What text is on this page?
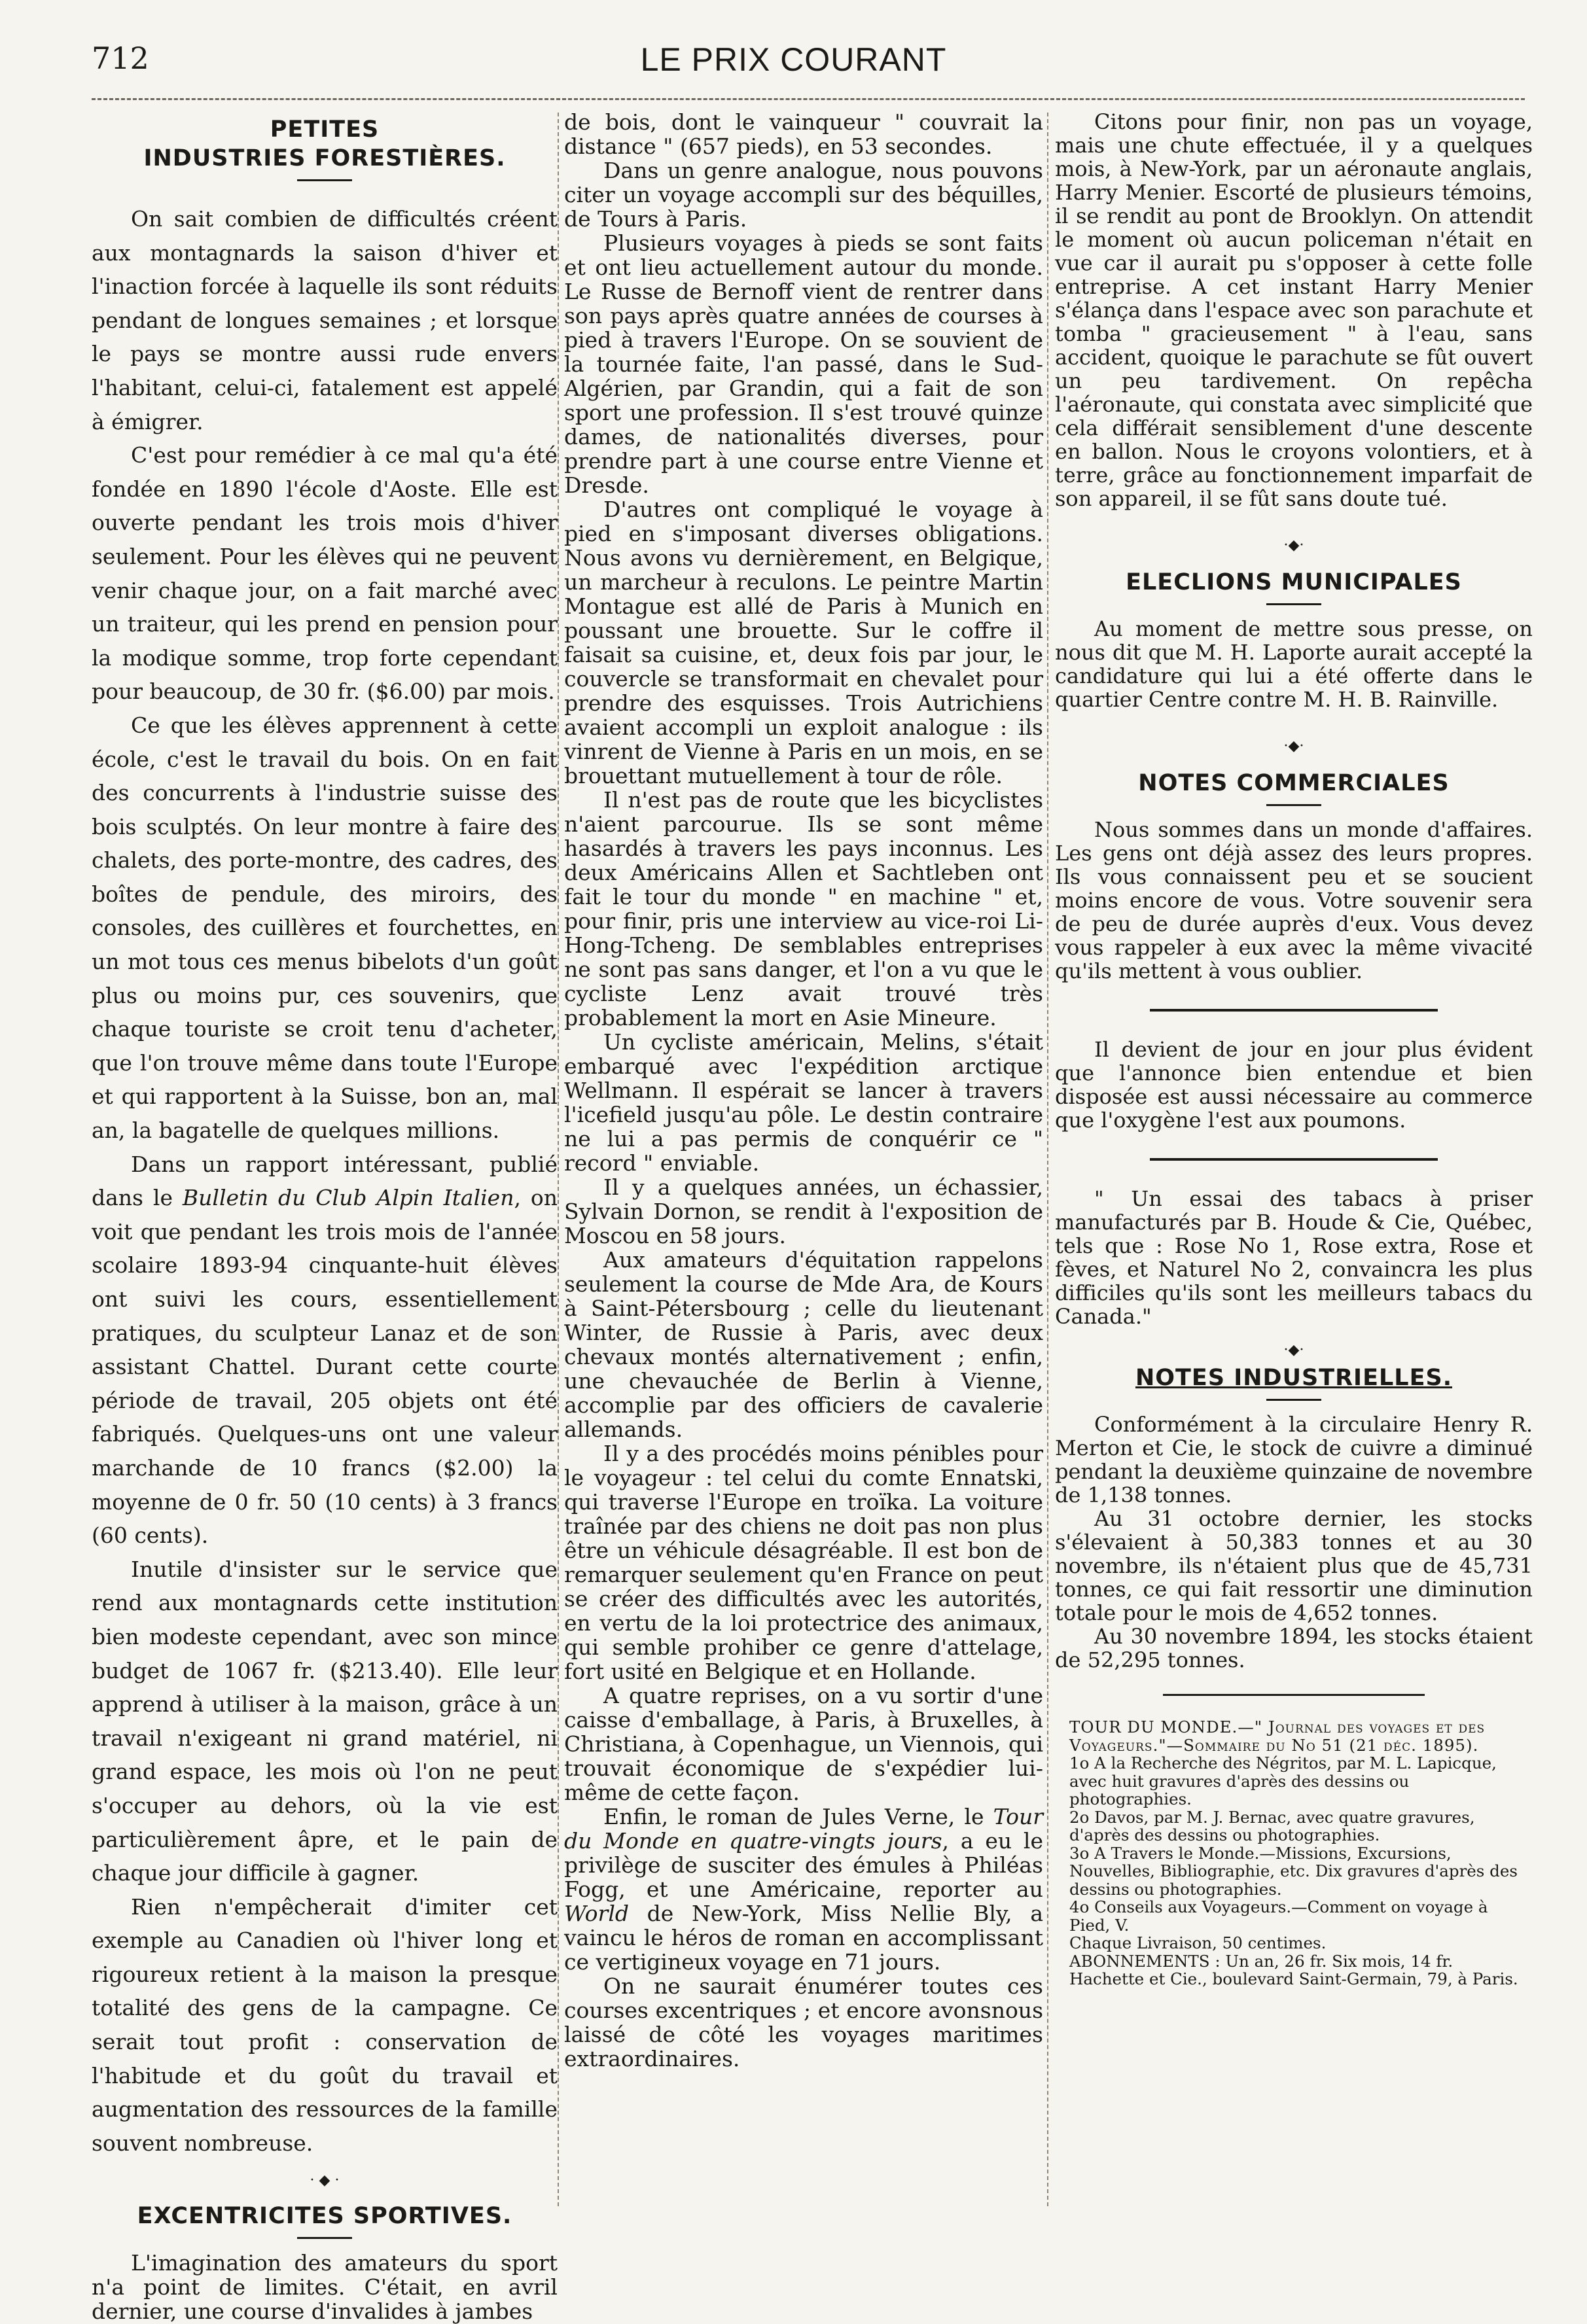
712	LE PRIX COURANT
PETITES
INDUSTRIES FORESTIÈRES.

On sait combien de difficultés créent aux montagnards la saison d'hiver et l'inaction forcée à laquelle ils sont réduits pendant de longues semaines ; et lorsque le pays se montre aussi rude envers l'habitant, celui-ci, fatalement est appelé à émigrer.

C'est pour remédier à ce mal qu'a été fondée en 1890 l'école d'Aoste. Elle est ouverte pendant les trois mois d'hiver seulement. Pour les élèves qui ne peuvent venir chaque jour, on a fait marché avec un traiteur, qui les prend en pension pour la modique somme, trop forte cependant pour beaucoup, de 30 fr. ($6.00) par mois.

Ce que les élèves apprennent à cette école, c'est le travail du bois. On en fait des concurrents à l'industrie suisse des bois sculptés. On leur montre à faire des chalets, des porte-montre, des cadres, des boîtes de pendule, des miroirs, des consoles, des cuillères et fourchettes, en un mot tous ces menus bibelots d'un goût plus ou moins pur, ces souvenirs, que chaque touriste se croit tenu d'acheter, que l'on trouve même dans toute l'Europe et qui rapportent à la Suisse, bon an, mal an, la bagatelle de quelques millions.

Dans un rapport intéressant, publié dans le Bulletin du Club Alpin Italien, on voit que pendant les trois mois de l'année scolaire 1893-94 cinquante-huit élèves ont suivi les cours, essentiellement pratiques, du sculpteur Lanaz et de son assistant Chattel. Durant cette courte période de travail, 205 objets ont été fabriqués. Quelques-uns ont une valeur marchande de 10 francs ($2.00) la moyenne de 0 fr. 50 (10 cents) à 3 francs (60 cents).

Inutile d'insister sur le service que rend aux montagnards cette institution bien modeste cependant, avec son mince budget de 1067 fr. ($213.40). Elle leur apprend à utiliser à la maison, grâce à un travail n'exigeant ni grand matériel, ni grand espace, les mois où l'on ne peut s'occuper au dehors, où la vie est particulièrement âpre, et le pain de chaque jour difficile à gagner.

Rien n'empêcherait d'imiter cet exemple au Canadien où l'hiver long et rigoureux retient à la maison la presque totalité des gens de la campagne. Ce serait tout profit : conservation de l'habitude et du goût du travail et augmentation des ressources de la famille souvent nombreuse.

· ◆ ·
EXCENTRICITES SPORTIVES.

L'imagination des amateurs du sport n'a point de limites. C'était, en avril dernier, une course d'invalides à jambes

de bois, dont le vainqueur " couvrait la distance " (657 pieds), en 53 secondes.

Dans un genre analogue, nous pouvons citer un voyage accompli sur des béquilles, de Tours à Paris.

Plusieurs voyages à pieds se sont faits et ont lieu actuellement autour du monde. Le Russe de Bernoff vient de rentrer dans son pays après quatre années de courses à pied à travers l'Europe. On se souvient de la tournée faite, l'an passé, dans le Sud-Algérien, par Grandin, qui a fait de son sport une profession. Il s'est trouvé quinze dames, de nationalités diverses, pour prendre part à une course entre Vienne et Dresde.

D'autres ont compliqué le voyage à pied en s'imposant diverses obligations. Nous avons vu dernièrement, en Belgique, un marcheur à reculons. Le peintre Martin Montague est allé de Paris à Munich en poussant une brouette. Sur le coffre il faisait sa cuisine, et, deux fois par jour, le couvercle se transformait en chevalet pour prendre des esquisses. Trois Autrichiens avaient accompli un exploit analogue : ils vinrent de Vienne à Paris en un mois, en se brouettant mutuellement à tour de rôle.

Il n'est pas de route que les bicyclistes n'aient parcourue. Ils se sont même hasardés à travers les pays inconnus. Les deux Américains Allen et Sachtleben ont fait le tour du monde " en machine " et, pour finir, pris une interview au vice-roi Li-Hong-Tcheng. De semblables entreprises ne sont pas sans danger, et l'on a vu que le cycliste Lenz avait trouvé très probablement la mort en Asie Mineure.

Un cycliste américain, Melins, s'était embarqué avec l'expédition arctique Wellmann. Il espérait se lancer à travers l'icefield jusqu'au pôle. Le destin contraire ne lui a pas permis de conquérir ce " record " enviable.

Il y a quelques années, un échassier, Sylvain Dornon, se rendit à l'exposition de Moscou en 58 jours.

Aux amateurs d'équitation rappelons seulement la course de Mde Ara, de Kours à Saint-Pétersbourg ; celle du lieutenant Winter, de Russie à Paris, avec deux chevaux montés alternativement ; enfin, une chevauchée de Berlin à Vienne, accomplie par des officiers de cavalerie allemands.

Il y a des procédés moins pénibles pour le voyageur : tel celui du comte Ennatski, qui traverse l'Europe en troïka. La voiture traînée par des chiens ne doit pas non plus être un véhicule désagréable. Il est bon de remarquer seulement qu'en France on peut se créer des difficultés avec les autorités, en vertu de la loi protectrice des animaux, qui semble prohiber ce genre d'attelage, fort usité en Belgique et en Hollande.

A quatre reprises, on a vu sortir d'une caisse d'emballage, à Paris, à Bruxelles, à Christiana, à Copenhague, un Viennois, qui trouvait économique de s'expédier lui-même de cette façon.

Enfin, le roman de Jules Verne, le Tour du Monde en quatre-vingts jours, a eu le privilège de susciter des émules à Philéas Fogg, et une Américaine, reporter au World de New-York, Miss Nellie Bly, a vaincu le héros de roman en accomplissant ce vertigineux voyage en 71 jours.

On ne saurait énumérer toutes ces courses excentriques ; et encore avonsnous laissé de côté les voyages maritimes extraordinaires.

Citons pour finir, non pas un voyage, mais une chute effectuée, il y a quelques mois, à New-York, par un aéronaute anglais, Harry Menier. Escorté de plusieurs témoins, il se rendit au pont de Brooklyn. On attendit le moment où aucun policeman n'était en vue car il aurait pu s'opposer à cette folle entreprise. A cet instant Harry Menier s'élança dans l'espace avec son parachute et tomba " gracieusement " à l'eau, sans accident, quoique le parachute se fût ouvert un peu tardivement. On repêcha l'aéronaute, qui constata avec simplicité que cela différait sensiblement d'une descente en ballon. Nous le croyons volontiers, et à terre, grâce au fonctionnement imparfait de son appareil, il se fût sans doute tué.

·◆·
ELECLIONS MUNICIPALES

Au moment de mettre sous presse, on nous dit que M. H. Laporte aurait accepté la candidature qui lui a été offerte dans le quartier Centre contre M. H. B. Rainville.

·◆·
NOTES COMMERCIALES

Nous sommes dans un monde d'affaires. Les gens ont déjà assez des leurs propres. Ils vous connaissent peu et se soucient moins encore de vous. Votre souvenir sera de peu de durée auprès d'eux. Vous devez vous rappeler à eux avec la même vivacité qu'ils mettent à vous oublier.

Il devient de jour en jour plus évident que l'annonce bien entendue et bien disposée est aussi nécessaire au commerce que l'oxygène l'est aux poumons.

" Un essai des tabacs à priser manufacturés par B. Houde & Cie, Québec, tels que : Rose No 1, Rose extra, Rose et fèves, et Naturel No 2, convaincra les plus difficiles qu'ils sont les meilleurs tabacs du Canada."

·◆·
NOTES INDUSTRIELLES.

Conformément à la circulaire Henry R. Merton et Cie, le stock de cuivre a diminué pendant la deuxième quinzaine de novembre de 1,138 tonnes.

Au 31 octobre dernier, les stocks s'élevaient à 50,383 tonnes et au 30 novembre, ils n'étaient plus que de 45,731 tonnes, ce qui fait ressortir une diminution totale pour le mois de 4,652 tonnes.

Au 30 novembre 1894, les stocks étaient de 52,295 tonnes.

TOUR DU MONDE.—" Journal des voyages et des Voyageurs."—Sommaire du No 51 (21 déc. 1895).

1o A la Recherche des Négritos, par M. L. Lapicque, avec huit gravures d'après des dessins ou photographies.

2o Davos, par M. J. Bernac, avec quatre gravures, d'après des dessins ou photographies.

3o A Travers le Monde.—Missions, Excursions, Nouvelles, Bibliographie, etc. Dix gravures d'après des dessins ou photographies.

4o Conseils aux Voyageurs.—Comment on voyage à Pied, V.

Chaque Livraison, 50 centimes.

ABONNEMENTS : Un an, 26 fr. Six mois, 14 fr.

Hachette et Cie., boulevard Saint-Germain, 79, à Paris.
